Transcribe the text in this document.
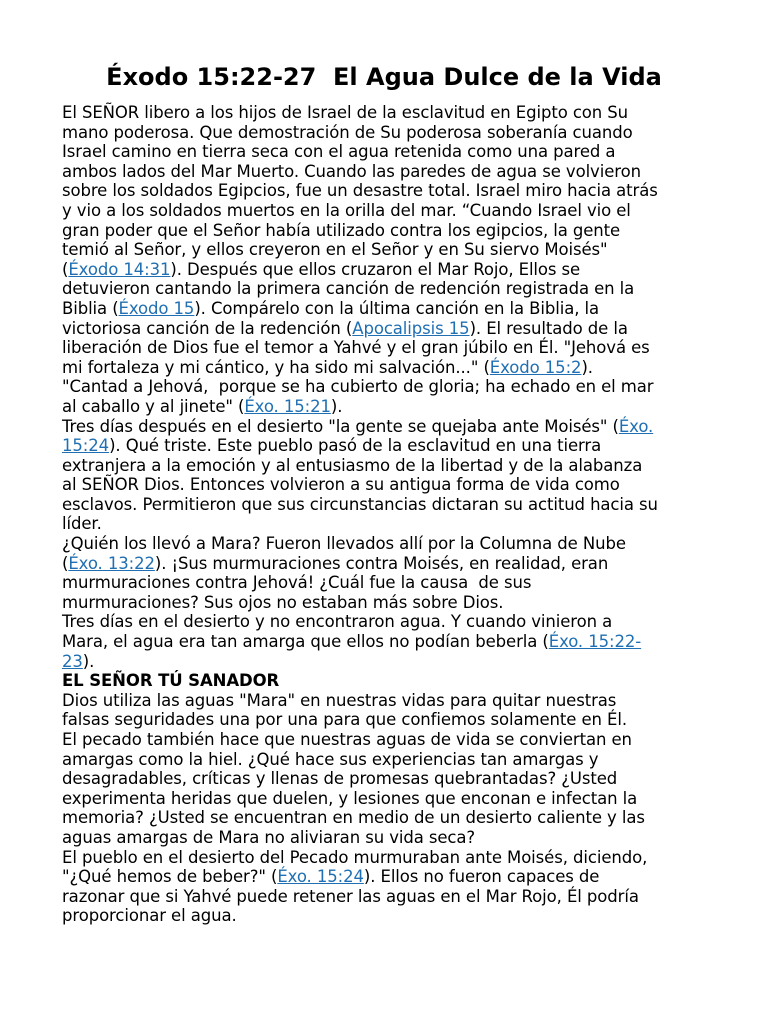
Éxodo 15:22-27  El Agua Dulce de la Vida
El SEÑOR libero a los hijos de Israel de la esclavitud en Egipto con Su
mano poderosa. Que demostración de Su poderosa soberanía cuando
Israel camino en tierra seca con el agua retenida como una pared a
ambos lados del Mar Muerto. Cuando las paredes de agua se volvieron
sobre los soldados Egipcios, fue un desastre total. Israel miro hacia atrás
y vio a los soldados muertos en la orilla del mar. “Cuando Israel vio el
gran poder que el Señor había utilizado contra los egipcios, la gente
temió al Señor, y ellos creyeron en el Señor y en Su siervo Moisés"
(Éxodo 14:31). Después que ellos cruzaron el Mar Rojo, Ellos se
detuvieron cantando la primera canción de redención registrada en la
Biblia (Éxodo 15). Compárelo con la última canción en la Biblia, la
victoriosa canción de la redención (Apocalipsis 15). El resultado de la
liberación de Dios fue el temor a Yahvé y el gran júbilo en Él. "Jehová es
mi fortaleza y mi cántico, y ha sido mi salvación..." (Éxodo 15:2).
"Cantad a Jehová,  porque se ha cubierto de gloria; ha echado en el mar
al caballo y al jinete" (Éxo. 15:21).
Tres días después en el desierto "la gente se quejaba ante Moisés" (Éxo.
15:24). Qué triste. Este pueblo pasó de la esclavitud en una tierra
extranjera a la emoción y al entusiasmo de la libertad y de la alabanza
al SEÑOR Dios. Entonces volvieron a su antigua forma de vida como
esclavos. Permitieron que sus circunstancias dictaran su actitud hacia su
líder.
¿Quién los llevó a Mara? Fueron llevados allí por la Columna de Nube
(Éxo. 13:22). ¡Sus murmuraciones contra Moisés, en realidad, eran
murmuraciones contra Jehová! ¿Cuál fue la causa  de sus
murmuraciones? Sus ojos no estaban más sobre Dios.
Tres días en el desierto y no encontraron agua. Y cuando vinieron a
Mara, el agua era tan amarga que ellos no podían beberla (Éxo. 15:22-
23).
EL SEÑOR TÚ SANADOR
Dios utiliza las aguas "Mara" en nuestras vidas para quitar nuestras
falsas seguridades una por una para que confiemos solamente en Él.
El pecado también hace que nuestras aguas de vida se conviertan en
amargas como la hiel. ¿Qué hace sus experiencias tan amargas y
desagradables, críticas y llenas de promesas quebrantadas? ¿Usted
experimenta heridas que duelen, y lesiones que enconan e infectan la
memoria? ¿Usted se encuentran en medio de un desierto caliente y las
aguas amargas de Mara no aliviaran su vida seca?
El pueblo en el desierto del Pecado murmuraban ante Moisés, diciendo,
"¿Qué hemos de beber?" (Éxo. 15:24). Ellos no fueron capaces de
razonar que si Yahvé puede retener las aguas en el Mar Rojo, Él podría
proporcionar el agua.
